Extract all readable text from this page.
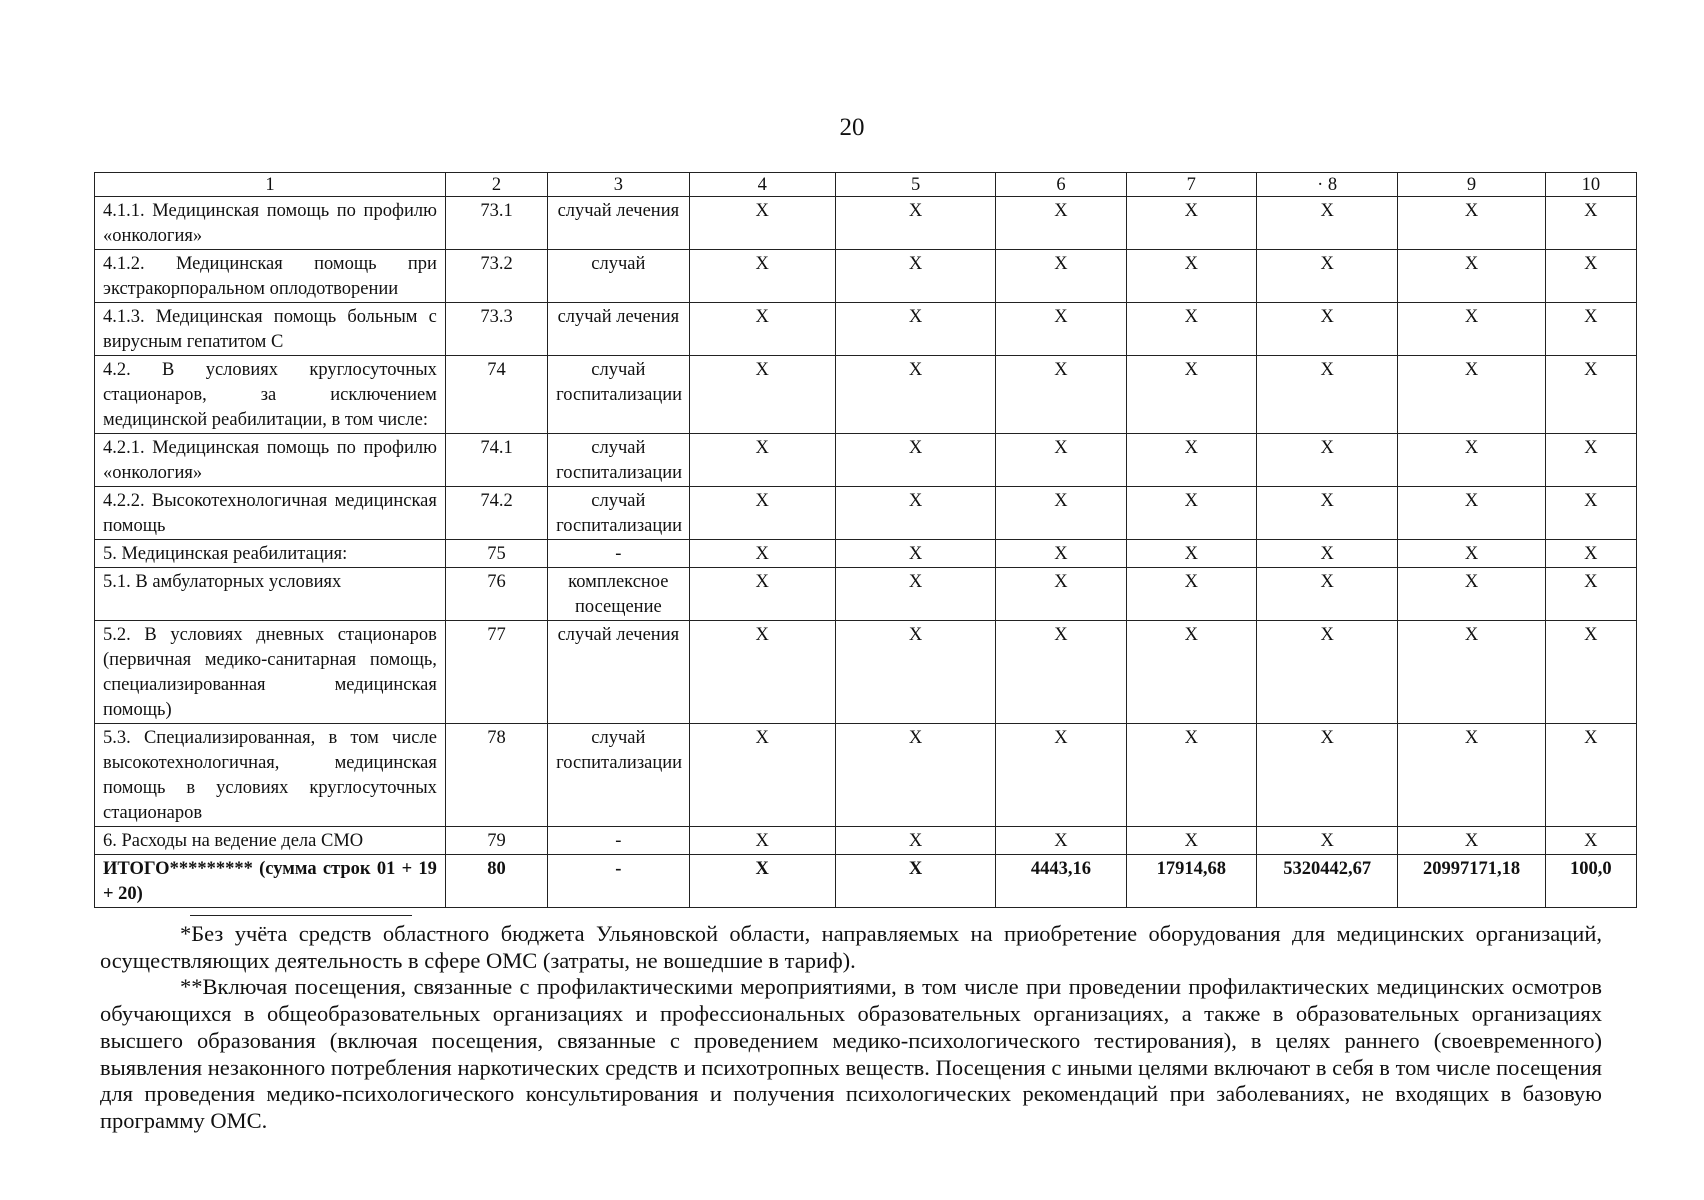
20
1	2	3	4	5	6	7	· 8	9	10
4.1.1. Медицинская помощь по профилю «онкология»	73.1	случай лечения	Х	Х	Х	Х	Х	Х	Х
4.1.2. Медицинская помощь при экстракорпоральном оплодотворении	73.2	случай	Х	Х	Х	Х	Х	Х	Х
4.1.3. Медицинская помощь больным с вирусным гепатитом С	73.3	случай лечения	Х	Х	Х	Х	Х	Х	Х
4.2. В условиях круглосуточных стационаров, за исключением медицинской реабилитации, в том числе:	74	случай госпитализации	Х	Х	Х	Х	Х	Х	Х
4.2.1. Медицинская помощь по профилю «онкология»	74.1	случай госпитализации	Х	Х	Х	Х	Х	Х	Х
4.2.2. Высокотехнологичная медицинская помощь	74.2	случай госпитализации	Х	Х	Х	Х	Х	Х	Х
5. Медицинская реабилитация:	75	-	Х	Х	Х	Х	Х	Х	Х
5.1. В амбулаторных условиях	76	комплексное посещение	Х	Х	Х	Х	Х	Х	Х
5.2. В условиях дневных стационаров (первичная медико-санитарная помощь, специализированная медицинская помощь)	77	случай лечения	Х	Х	Х	Х	Х	Х	Х
5.3. Специализированная, в том числе высокотехнологичная, медицинская помощь в условиях круглосуточных стационаров	78	случай госпитализации	Х	Х	Х	Х	Х	Х	Х
6. Расходы на ведение дела СМО	79	-	Х	Х	Х	Х	Х	Х	Х
ИТОГО********* (сумма строк 01 + 19 + 20)	80	-	Х	Х	4443,16	17914,68	5320442,67	20997171,18	100,0

*Без учёта средств областного бюджета Ульяновской области, направляемых на приобретение оборудования для медицинских организаций, осуществляющих деятельность в сфере ОМС (затраты, не вошедшие в тариф).

**Включая посещения, связанные с профилактическими мероприятиями, в том числе при проведении профилактических медицинских осмотров обучающихся в общеобразовательных организациях и профессиональных образовательных организациях, а также в образовательных организациях высшего образования (включая посещения, связанные с проведением медико-психологического тестирования), в целях раннего (своевременного) выявления незаконного потребления наркотических средств и психотропных веществ. Посещения с иными целями включают в себя в том числе посещения для проведения медико-психологического консультирования и получения психологических рекомендаций при заболеваниях, не входящих в базовую программу ОМС.
